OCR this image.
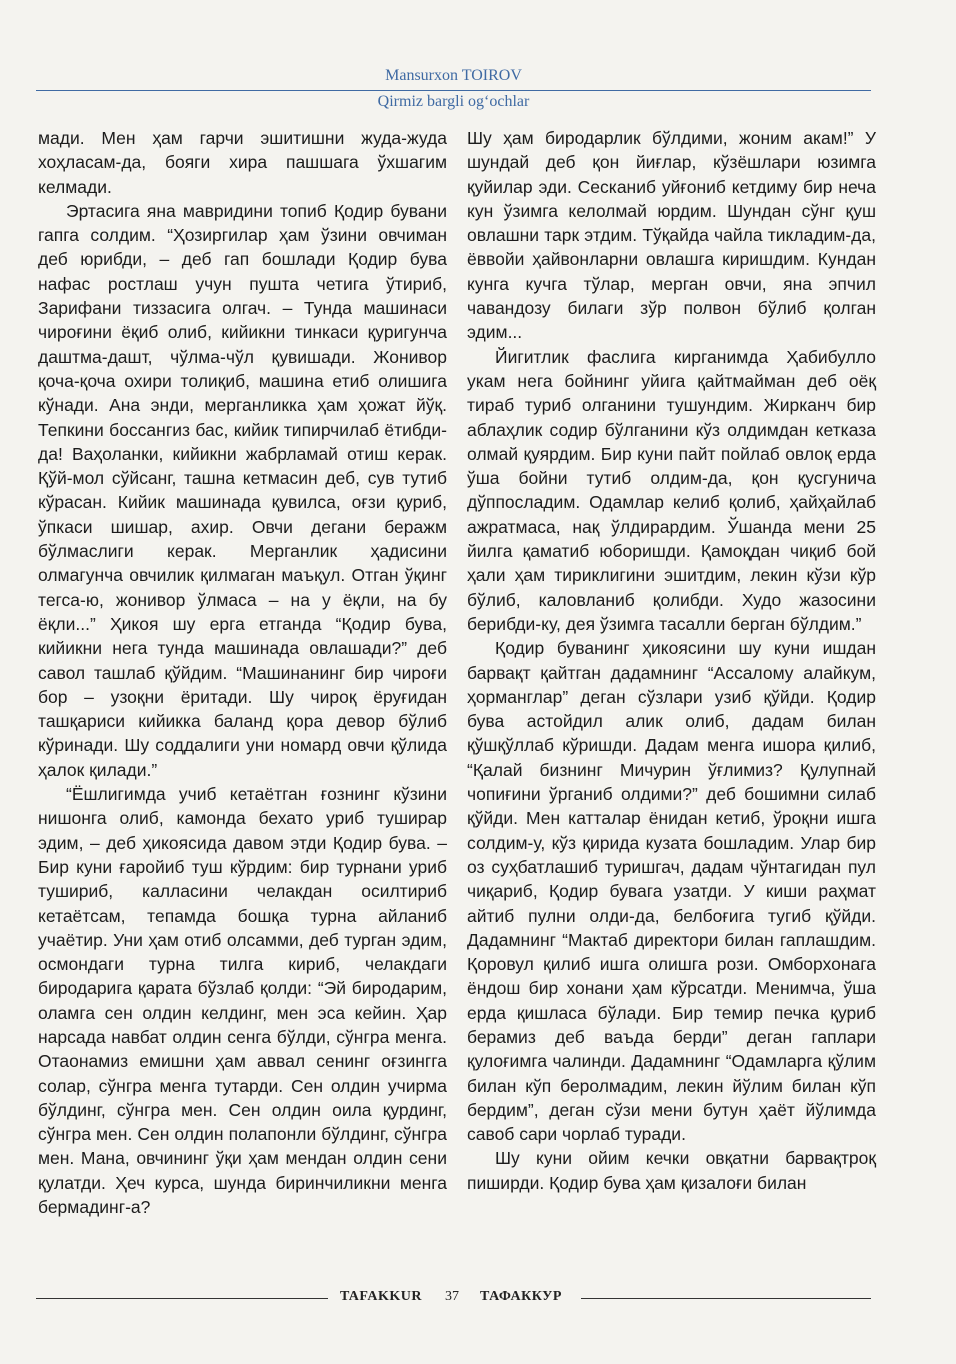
Mansurxon TOIROV
Qirmiz bargli og‘ochlar

мади. Мен ҳам гарчи эшитишни жуда-жуда хоҳласам-да, бояги хира пашшага ўхшагим келмади.

Эртасига яна мавридини топиб Қодир бувани гапга солдим. “Ҳозиргилар ҳам ўзини овчиман деб юрибди, – деб гап бошлади Қодир бува нафас ростлаш учун пушта четига ўтириб, Зарифани тиззасига олгач. – Тунда машинаси чироғини ёқиб олиб, кийикни тинкаси қуригунча даштма-дашт, чўлма-чўл қувишади. Жонивор қоча-қоча охири толиқиб, машина етиб олишига кўнади. Ана энди, мерганликка ҳам ҳожат йўқ. Тепкини боссангиз бас, кийик типирчилаб ётибди-да! Ваҳоланки, кийикни жабрламай отиш керак. Қўй-мол сўйсанг, ташна кетмасин деб, сув тутиб кўрасан. Кийик машинада қувилса, оғзи қуриб, ўпкаси шишар, ахир. Овчи дегани беражм бўлмаслиги керак. Мерганлик ҳадисини олмагунча овчилик қилмаган маъқул. Отган ўқинг тегса-ю, жонивор ўлмаса – на у ёқли, на бу ёқли...” Ҳикоя шу ерга етганда “Қодир бува, кийикни нега тунда машинада овлашади?” деб савол ташлаб қўйдим. “Машинанинг бир чироғи бор – узоқни ёритади. Шу чироқ ёруғидан ташқариси кийикка баланд қора девор бўлиб кўринади. Шу соддалиги уни номард овчи қўлида ҳалок қилади.”

“Ёшлигимда учиб кетаётган ғознинг кўзини нишонга олиб, камонда бехато уриб туширар эдим, – деб ҳикоясида давом этди Қодир бува. – Бир куни ғаройиб туш кўрдим: бир турнани уриб тушириб, калласини челакдан осилтириб кетаётсам, тепамда бошқа турна айланиб учаётир. Уни ҳам отиб олсамми, деб турган эдим, осмондаги турна тилга кириб, челакдаги биродарига қарата бўзлаб қолди: “Эй биродарим, оламга сен олдин келдинг, мен эса кейин. Ҳар нарсада навбат олдин сенга бўлди, сўнгра менга. Отаонамиз емишни ҳам аввал сенинг оғзингга солар, сўнгра менга тутарди. Сен олдин учирма бўлдинг, сўнгра мен. Сен олдин оила қурдинг, сўнгра мен. Сен олдин полапонли бўлдинг, сўнгра мен. Мана, овчининг ўқи ҳам мендан олдин сени қулатди. Ҳеч курса, шунда биринчиликни менга бермадинг-а?

Шу ҳам биродарлик бўлдими, жоним акам!” У шундай деб қон йиғлар, кўзёшлари юзимга қуйилар эди. Сесканиб уйғониб кетдиму бир неча кун ўзимга келолмай юрдим. Шундан сўнг қуш овлашни тарк этдим. Тўқайда чайла тикладим-да, ёввойи ҳайвонларни овлашга киришдим. Кундан кунга кучга тўлар, мерган овчи, яна эпчил чавандозу билаги зўр полвон бўлиб қолган эдим...

Йигитлик фаслига кирганимда Ҳабибулло укам нега бойнинг уйига қайтмайман деб оёқ тираб туриб олганини тушундим. Жирканч бир аблаҳлик содир бўлганини кўз олдимдан кетказа олмай қуярдим. Бир куни пайт пойлаб овлоқ ерда ўша бойни тутиб олдим-да, қон қусгунича дўппосладим. Одамлар келиб қолиб, ҳайҳайлаб ажратмаса, нақ ўлдирардим. Ўшанда мени 25 йилга қаматиб юборишди. Қамоқдан чиқиб бой ҳали ҳам тириклигини эшитдим, лекин кўзи кўр бўлиб, каловланиб қолибди. Худо жазосини берибди-ку, дея ўзимга тасалли берган бўлдим.”

Қодир буванинг ҳикоясини шу куни ишдан барвақт қайтган дадамнинг “Ассалому алайкум, ҳорманглар” деган сўзлари узиб қўйди. Қодир бува астойдил алик олиб, дадам билан қўшқўллаб кўришди. Дадам менга ишора қилиб, “Қалай бизнинг Мичурин ўғлимиз? Қулупнай чопиғини ўрганиб олдими?” деб бошимни силаб қўйди. Мен катталар ёнидан кетиб, ўроқни ишга солдим-у, кўз қирида кузата бошладим. Улар бир оз суҳбатлашиб туришгач, дадам чўнтагидан пул чиқариб, Қодир бувага узатди. У киши раҳмат айтиб пулни олди-да, белбоғига тугиб қўйди. Дадамнинг “Мактаб директори билан гаплашдим. Қоровул қилиб ишга олишга рози. Омборхонага ёндош бир хонани ҳам кўрсатди. Менимча, ўша ерда қишласа бўлади. Бир темир печка қуриб берамиз деб ваъда берди” деган гаплари қулоғимга чалинди. Дадамнинг “Одамларга қўлим билан кўп беролмадим, лекин йўлим билан кўп бердим”, деган сўзи мени бутун ҳаёт йўлимда савоб сари чорлаб туради.

Шу куни ойим кечки овқатни барвақтроқ пиширди. Қодир бува ҳам қизалоғи билан

TAFAKKUR 37 ТАФАККУР
